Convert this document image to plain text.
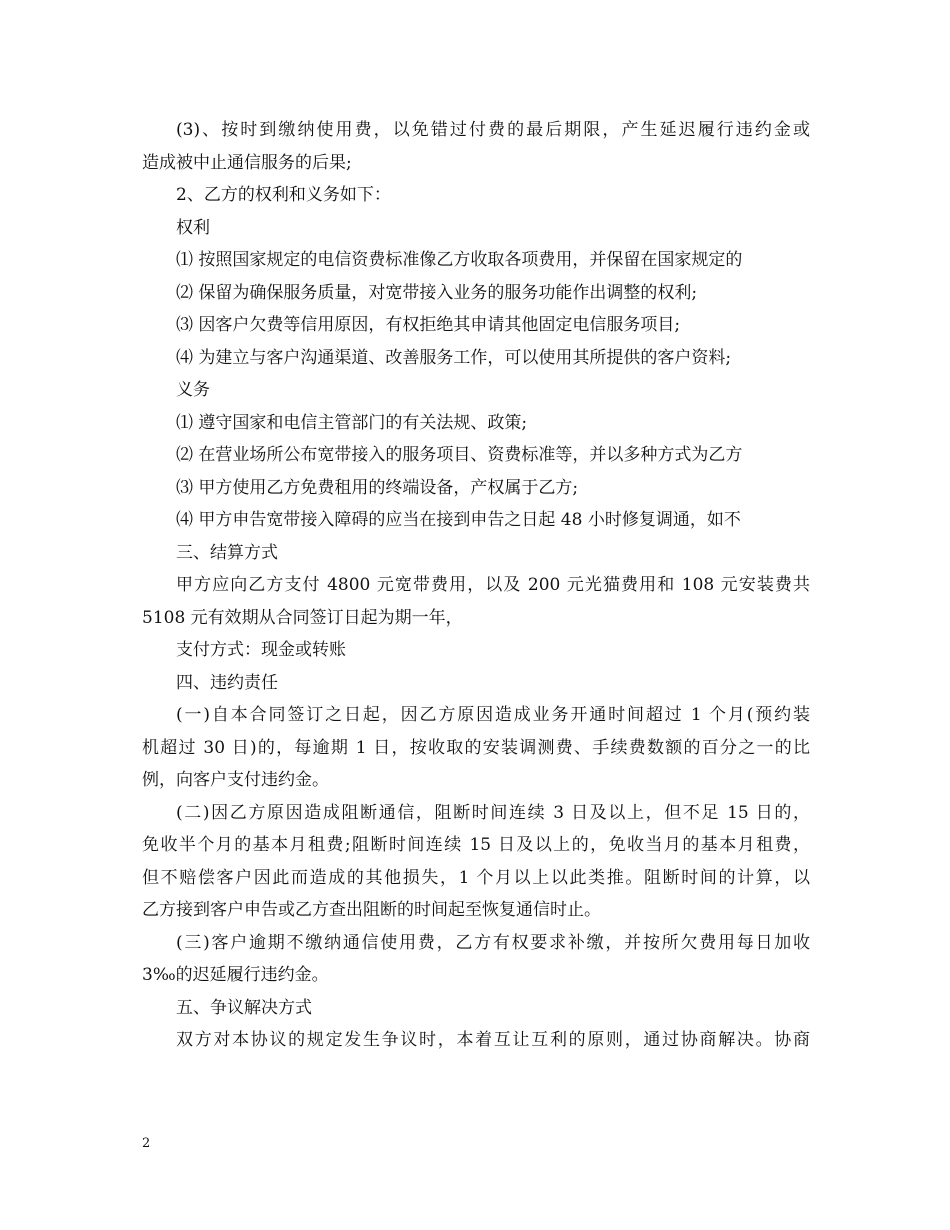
(3)、按时到缴纳使用费，以免错过付费的最后期限，产生延迟履行违约金或
造成被中止通信服务的后果;
2、乙方的权利和义务如下：
权利
⑴ 按照国家规定的电信资费标准像乙方收取各项费用，并保留在国家规定的
⑵ 保留为确保服务质量，对宽带接入业务的服务功能作出调整的权利;
⑶ 因客户欠费等信用原因，有权拒绝其申请其他固定电信服务项目;
⑷ 为建立与客户沟通渠道、改善服务工作，可以使用其所提供的客户资料;
义务
⑴ 遵守国家和电信主管部门的有关法规、政策;
⑵ 在营业场所公布宽带接入的服务项目、资费标准等，并以多种方式为乙方
⑶ 甲方使用乙方免费租用的终端设备，产权属于乙方;
⑷ 甲方申告宽带接入障碍的应当在接到申告之日起 48 小时修复调通，如不
三、结算方式
甲方应向乙方支付 4800 元宽带费用，以及 200 元光猫费用和 108 元安装费共
5108 元有效期从合同签订日起为期一年，
支付方式：现金或转账
四、违约责任
(一)自本合同签订之日起，因乙方原因造成业务开通时间超过 1 个月(预约装
机超过 30 日)的，每逾期 1 日，按收取的安装调测费、手续费数额的百分之一的比
例，向客户支付违约金。
(二)因乙方原因造成阻断通信，阻断时间连续 3 日及以上，但不足 15 日的，
免收半个月的基本月租费;阻断时间连续 15 日及以上的，免收当月的基本月租费，
但不赔偿客户因此而造成的其他损失，1 个月以上以此类推。阻断时间的计算，以
乙方接到客户申告或乙方查出阻断的时间起至恢复通信时止。
(三)客户逾期不缴纳通信使用费，乙方有权要求补缴，并按所欠费用每日加收
3‰的迟延履行违约金。
五、争议解决方式
双方对本协议的规定发生争议时，本着互让互利的原则，通过协商解决。协商
2
